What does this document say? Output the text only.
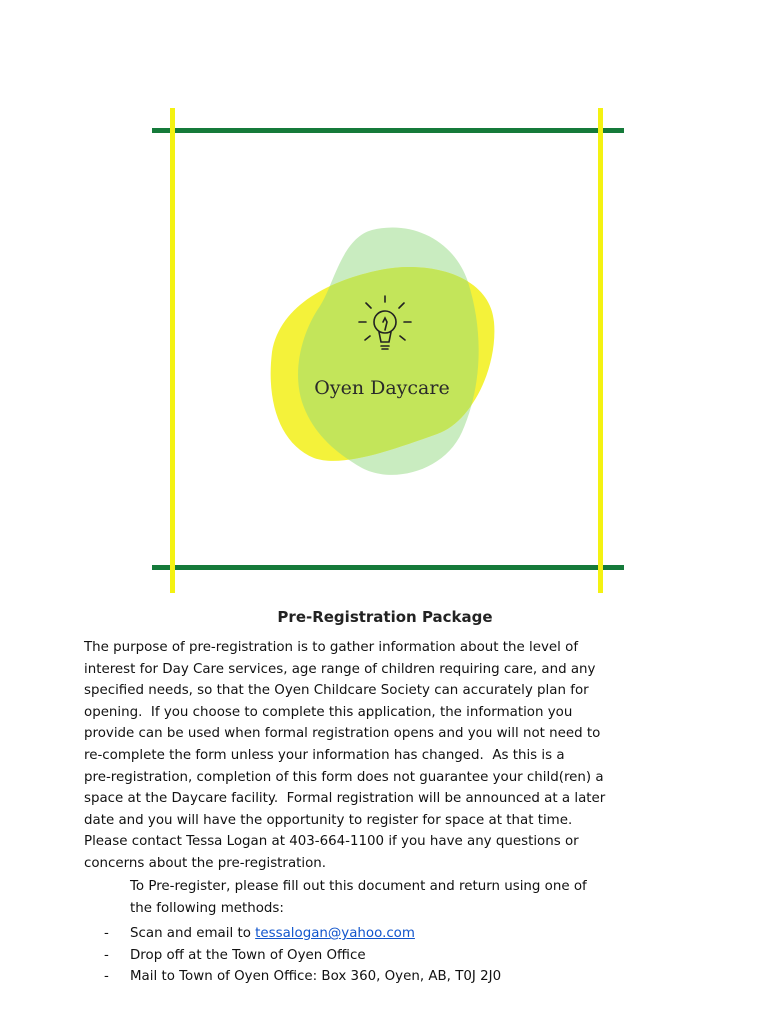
Oyen Daycare
Pre-Registration Package

The purpose of pre-registration is to gather information about the level of
interest for Day Care services, age range of children requiring care, and any
specified needs, so that the Oyen Childcare Society can accurately plan for
opening.  If you choose to complete this application, the information you
provide can be used when formal registration opens and you will not need to
re-complete the form unless your information has changed.  As this is a
pre-registration, completion of this form does not guarantee your child(ren) a
space at the Daycare facility.  Formal registration will be announced at a later
date and you will have the opportunity to register for space at that time.
Please contact Tessa Logan at 403-664-1100 if you have any questions or
concerns about the pre-registration.

To Pre-register, please fill out this document and return using one of
the following methods:
-	Scan and email to tessalogan@yahoo.com
-	Drop off at the Town of Oyen Office
-	Mail to Town of Oyen Office: Box 360, Oyen, AB, T0J 2J0
